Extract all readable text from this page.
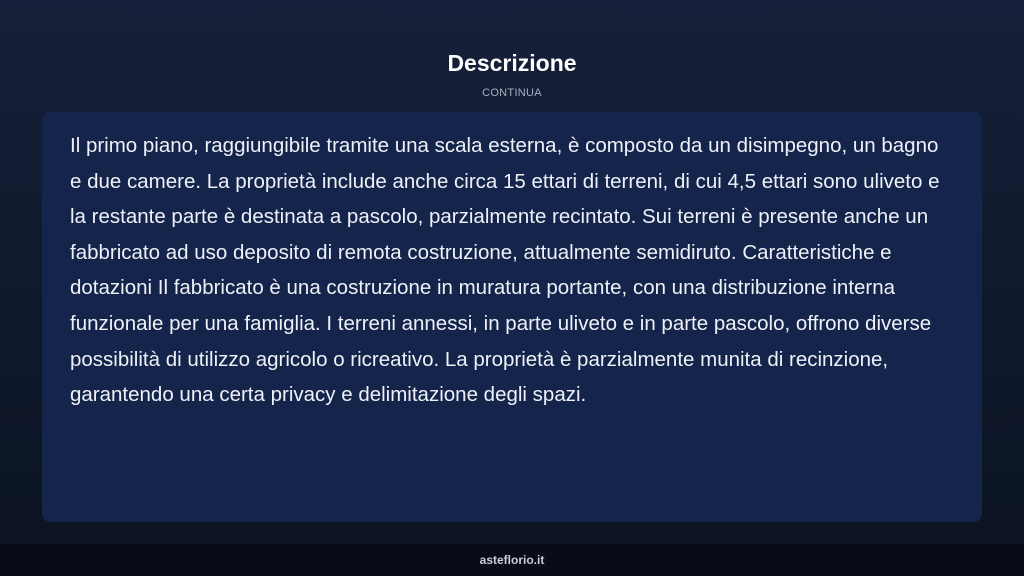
Descrizione
CONTINUA

Il primo piano, raggiungibile tramite una scala esterna, è composto da un disimpegno, un bagno e due camere. La proprietà include anche circa 15 ettari di terreni, di cui 4,5 ettari sono uliveto e la restante parte è destinata a pascolo, parzialmente recintato. Sui terreni è presente anche un fabbricato ad uso deposito di remota costruzione, attualmente semidiruto. Caratteristiche e dotazioni Il fabbricato è una costruzione in muratura portante, con una distribuzione interna funzionale per una famiglia. I terreni annessi, in parte uliveto e in parte pascolo, offrono diverse possibilità di utilizzo agricolo o ricreativo. La proprietà è parzialmente munita di recinzione, garantendo una certa privacy e delimitazione degli spazi.

asteflorio.it
